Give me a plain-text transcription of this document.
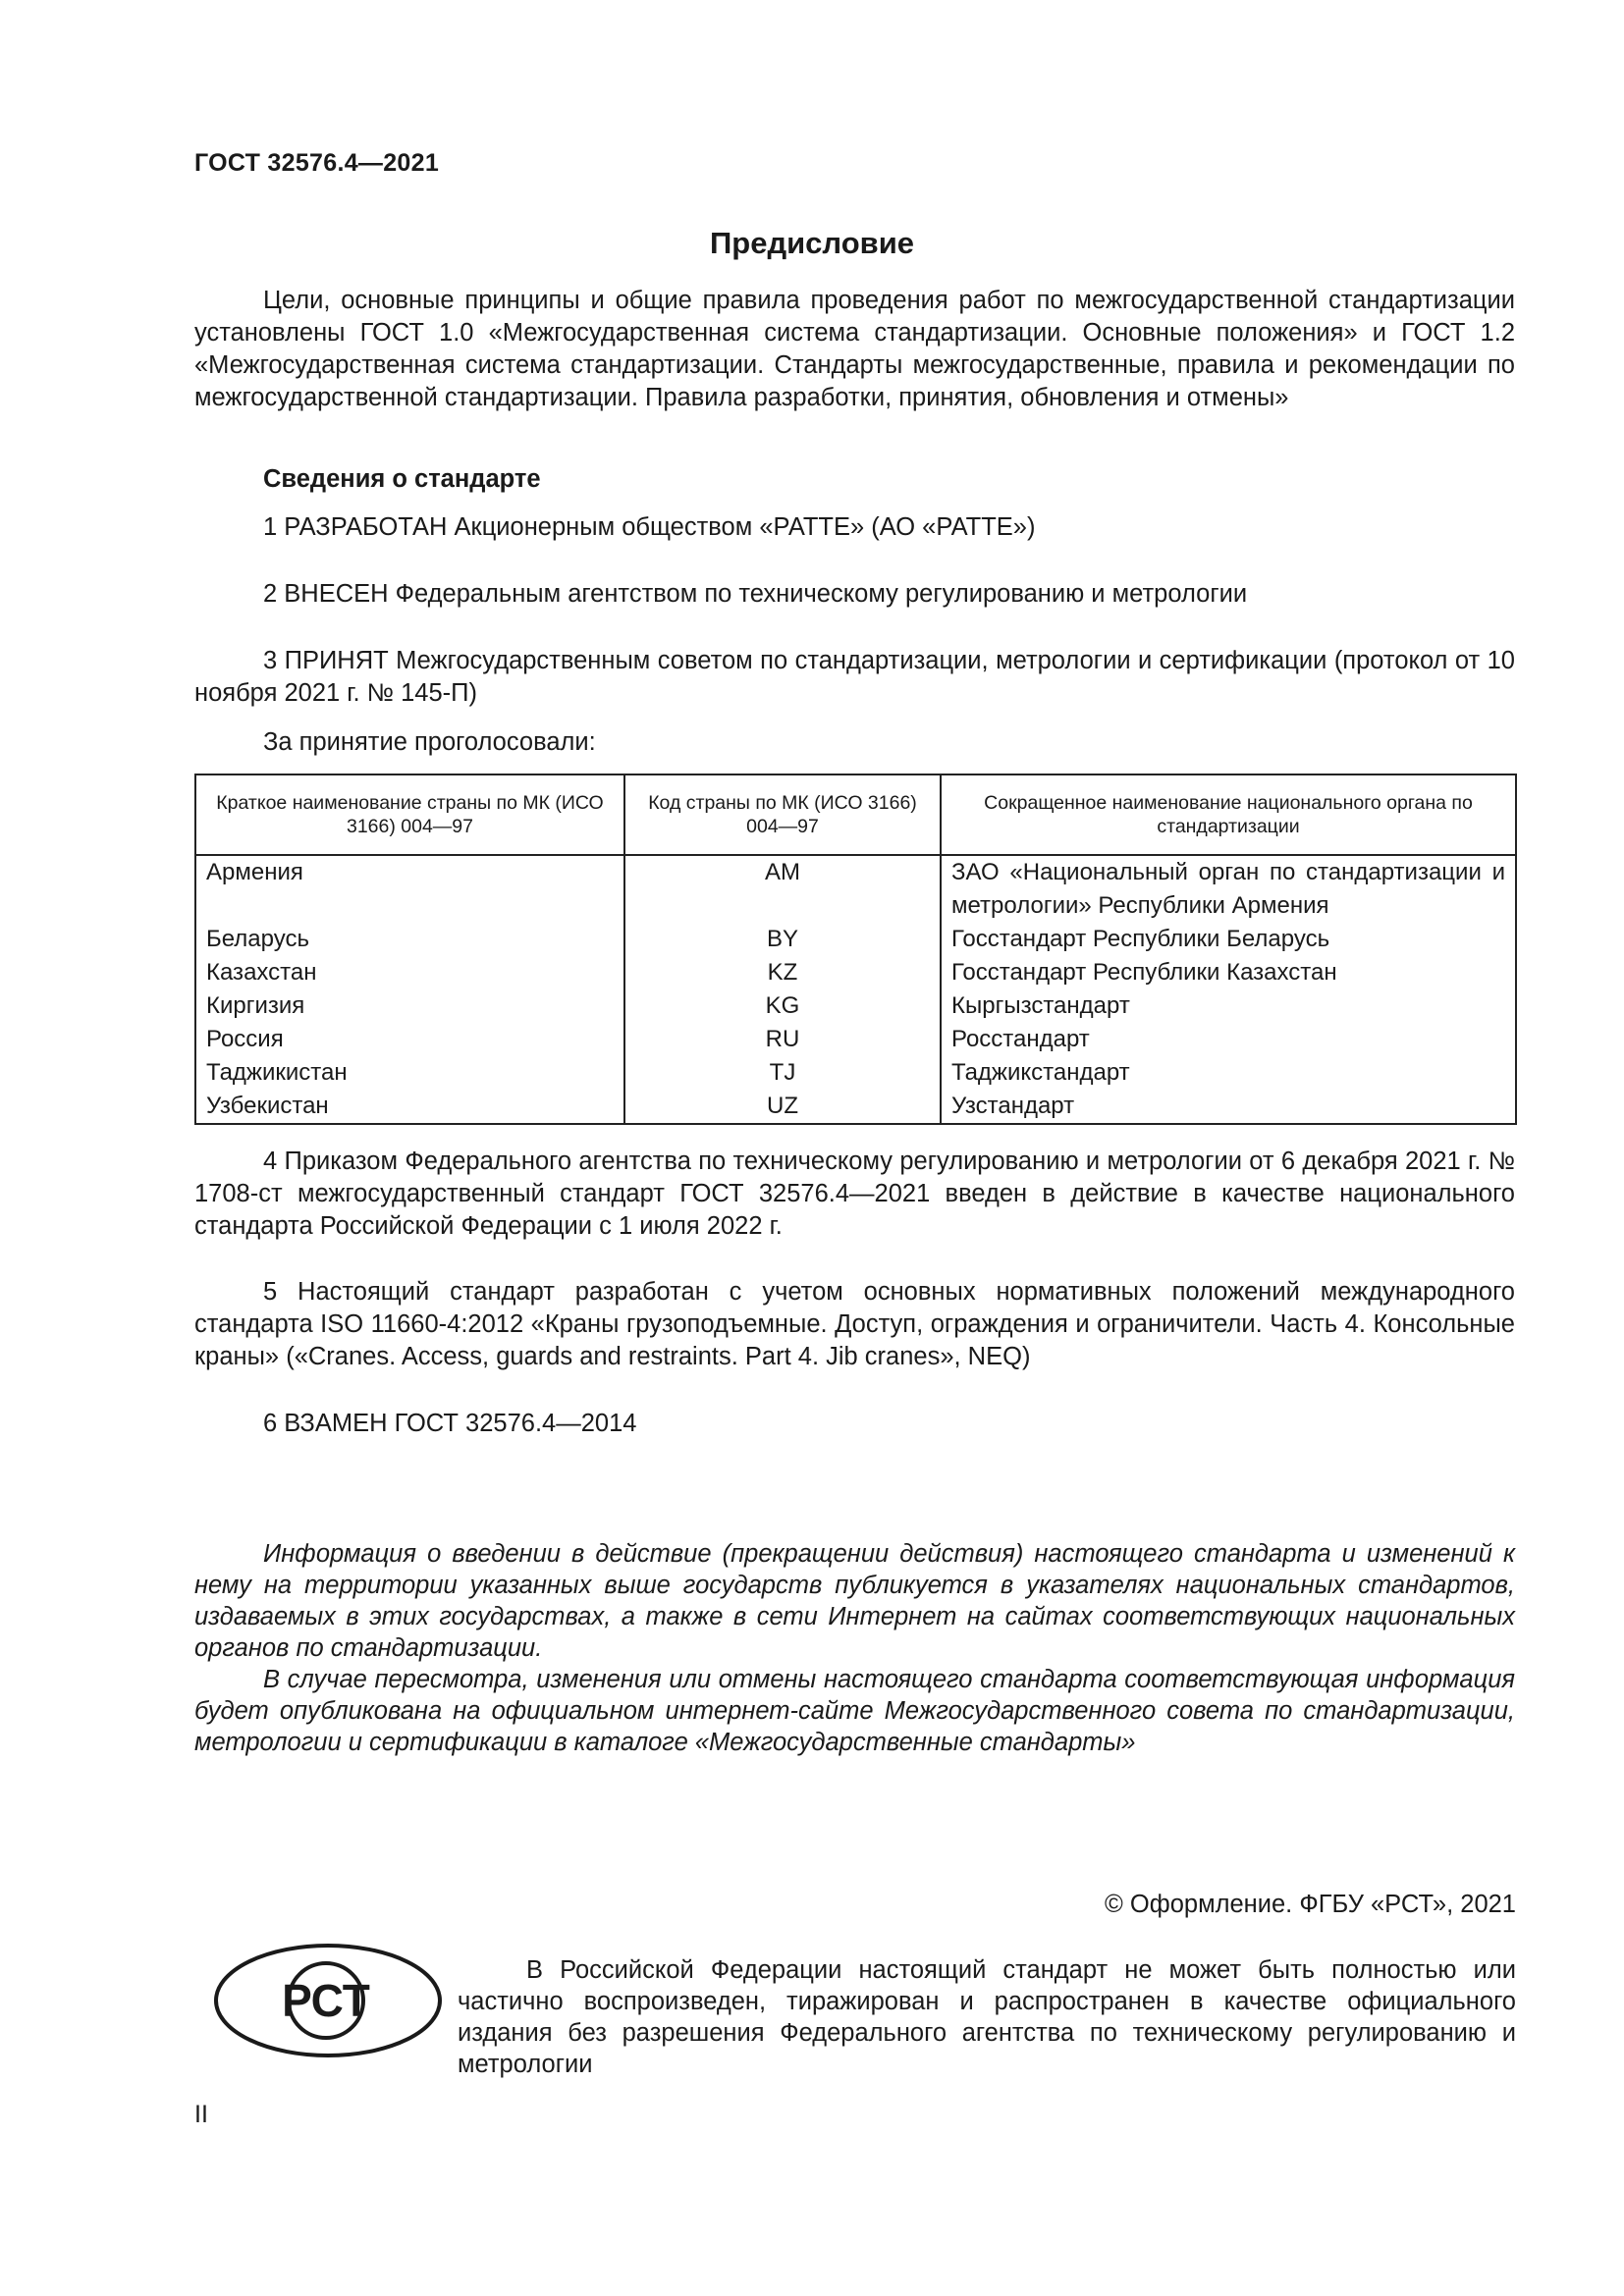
ГОСТ 32576.4—2021
Предисловие

Цели, основные принципы и общие правила проведения работ по межгосударственной стандартизации установлены ГОСТ 1.0 «Межгосударственная система стандартизации. Основные положения» и ГОСТ 1.2 «Межгосударственная система стандартизации. Стандарты межгосударственные, правила и рекомендации по межгосударственной стандартизации. Правила разработки, принятия, обновления и отмены»

Сведения о стандарте

1 РАЗРАБОТАН Акционерным обществом «РАТТЕ» (АО «РАТТЕ»)

2 ВНЕСЕН Федеральным агентством по техническому регулированию и метрологии

3 ПРИНЯТ Межгосударственным советом по стандартизации, метрологии и сертификации (протокол от 10 ноября 2021 г. № 145-П)

За принятие проголосовали:

Краткое наименование страны по МК (ИСО 3166) 004—97	Код страны по МК (ИСО 3166) 004—97	Сокращенное наименование национального органа по стандартизации
Армения	AM	ЗАО «Национальный орган по стандартизации и метрологии» Республики Армения
Беларусь	BY	Госстандарт Республики Беларусь
Казахстан	KZ	Госстандарт Республики Казахстан
Киргизия	KG	Кыргызстандарт
Россия	RU	Росстандарт
Таджикистан	TJ	Таджикстандарт
Узбекистан	UZ	Узстандарт

4 Приказом Федерального агентства по техническому регулированию и метрологии от 6 декабря 2021 г. № 1708-ст межгосударственный стандарт ГОСТ 32576.4—2021 введен в действие в качестве национального стандарта Российской Федерации с 1 июля 2022 г.

5 Настоящий стандарт разработан с учетом основных нормативных положений международного стандарта ISO 11660-4:2012 «Краны грузоподъемные. Доступ, ограждения и ограничители. Часть 4. Консольные краны» («Cranes. Access, guards and restraints. Part 4. Jib cranes», NEQ)

6 ВЗАМЕН ГОСТ 32576.4—2014

Информация о введении в действие (прекращении действия) настоящего стандарта и изменений к нему на территории указанных выше государств публикуется в указателях национальных стандартов, издаваемых в этих государствах, а также в сети Интернет на сайтах соответствующих национальных органов по стандартизации.

В случае пересмотра, изменения или отмены настоящего стандарта соответствующая информация будет опубликована на официальном интернет-сайте Межгосударственного совета по стандартизации, метрологии и сертификации в каталоге «Межгосударственные стандарты»

© Оформление. ФГБУ «РСТ», 2021
РСТ
В Российской Федерации настоящий стандарт не может быть полностью или частично воспроизведен, тиражирован и распространен в качестве официального издания без разрешения Федерального агентства по техническому регулированию и метрологии
II
